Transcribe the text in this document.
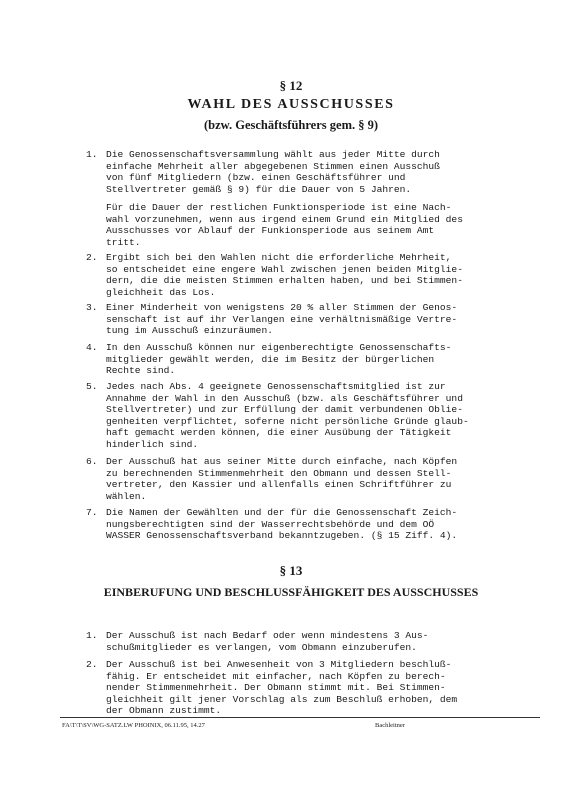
§ 12
WAHL DES AUSSCHUSSES
(bzw. Geschäftsführers gem. § 9)
1. Die Genossenschaftsversammlung wählt aus jeder Mitte durch
einfache Mehrheit aller abgegebenen Stimmen einen Ausschuß
von fünf Mitgliedern (bzw. einen Geschäftsführer und
Stellvertreter gemäß § 9) für die Dauer von 5 Jahren.
Für die Dauer der restlichen Funktionsperiode ist eine Nach-
wahl vorzunehmen, wenn aus irgend einem Grund ein Mitglied des
Ausschusses vor Ablauf der Funkionsperiode aus seinem Amt
tritt.
2. Ergibt sich bei den Wahlen nicht die erforderliche Mehrheit,
so entscheidet eine engere Wahl zwischen jenen beiden Mitglie-
dern, die die meisten Stimmen erhalten haben, und bei Stimmen-
gleichheit das Los.
3. Einer Minderheit von wenigstens 20 % aller Stimmen der Genos-
senschaft ist auf ihr Verlangen eine verhältnismäßige Vertre-
tung im Ausschuß einzuräumen.
4. In den Ausschuß können nur eigenberechtigte Genossenschafts-
mitglieder gewählt werden, die im Besitz der bürgerlichen
Rechte sind.
5. Jedes nach Abs. 4 geeignete Genossenschaftsmitglied ist zur
Annahme der Wahl in den Ausschuß (bzw. als Geschäftsführer und
Stellvertreter) und zur Erfüllung der damit verbundenen Oblie-
genheiten verpflichtet, soferne nicht persönliche Gründe glaub-
haft gemacht werden können, die einer Ausübung der Tätigkeit
hinderlich sind.
6. Der Ausschuß hat aus seiner Mitte durch einfache, nach Köpfen
zu berechnenden Stimmenmehrheit den Obmann und dessen Stell-
vertreter, den Kassier und allenfalls einen Schriftführer zu
wählen.
7. Die Namen der Gewählten und der für die Genossenschaft Zeich-
nungsberechtigten sind der Wasserrechtsbehörde und dem OÖ
WASSER Genossenschaftsverband bekanntzugeben. (§ 15 Ziff. 4).
§ 13
EINBERUFUNG UND BESCHLUSSFÄHIGKEIT DES AUSSCHUSSES
1. Der Ausschuß ist nach Bedarf oder wenn mindestens 3 Aus-
schußmitglieder es verlangen, vom Obmann einzuberufen.
2. Der Ausschuß ist bei Anwesenheit von 3 Mitgliedern beschluß-
fähig. Er entscheidet mit einfacher, nach Köpfen zu berech-
nender Stimmenmehrheit. Der Obmann stimmt mit. Bei Stimmen-
gleichheit gilt jener Vorschlag als zum Beschluß erhoben, dem
der Obmann zustimmt.
FA\T\T\SV\WG-SATZ.LW PHOINIX, 06.11.95, 14.27	Bachleitner
